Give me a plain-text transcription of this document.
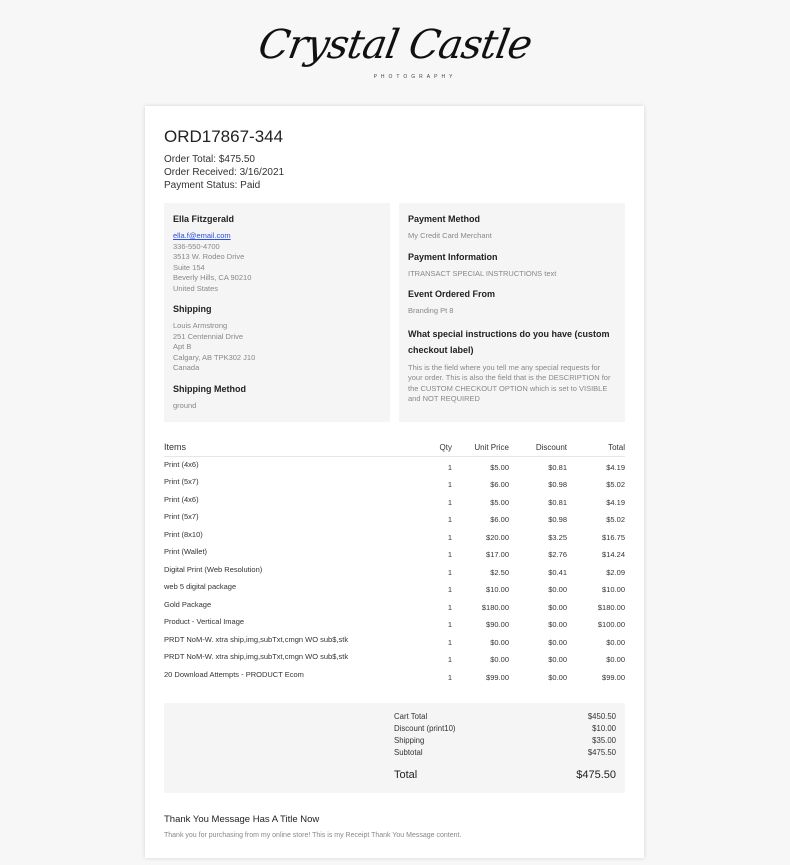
Crystal Castle
PHOTOGRAPHY
ORD17867-344
Order Total: $475.50
Order Received: 3/16/2021
Payment Status: Paid
Ella Fitzgerald
ella.f@email.com
336-550-4700
3513 W. Rodeo Drive
Suite 154
Beverly Hills, CA 90210
United States
Shipping
Louis Armstrong
251 Centennial Drive
Apt B
Calgary, AB TPK302 J10
Canada
Shipping Method
ground
Payment Method
My Credit Card Merchant
Payment Information
ITRANSACT SPECIAL INSTRUCTIONS text
Event Ordered From
Branding Pt 8
What special instructions do you have (custom checkout label)
This is the field where you tell me any special requests for your order. This is also the field that is the DESCRIPTION for the CUSTOM CHECKOUT OPTION which is set to VISIBLE and NOT REQUIRED
Items	Qty	Unit Price	Discount	Total
Print (4x6)	1	$5.00	$0.81	$4.19
Print (5x7)	1	$6.00	$0.98	$5.02
Print (4x6)	1	$5.00	$0.81	$4.19
Print (5x7)	1	$6.00	$0.98	$5.02
Print (8x10)	1	$20.00	$3.25	$16.75
Print (Wallet)	1	$17.00	$2.76	$14.24
Digital Print (Web Resolution)	1	$2.50	$0.41	$2.09
web 5 digital package	1	$10.00	$0.00	$10.00
Gold Package	1	$180.00	$0.00	$180.00
Product - Vertical Image	1	$90.00	$0.00	$100.00
PRDT NoM-W. xtra ship,img,subTxt,cmgn WO sub$,stk	1	$0.00	$0.00	$0.00
PRDT NoM-W. xtra ship,img,subTxt,cmgn WO sub$,stk	1	$0.00	$0.00	$0.00
20 Download Attempts - PRODUCT Ecom	1	$99.00	$0.00	$99.00
Cart Total	$450.50
Discount (print10)	$10.00
Shipping	$35.00
Subtotal	$475.50
Total	$475.50
Thank You Message Has A Title Now
Thank you for purchasing from my online store! This is my Receipt Thank You Message content.
